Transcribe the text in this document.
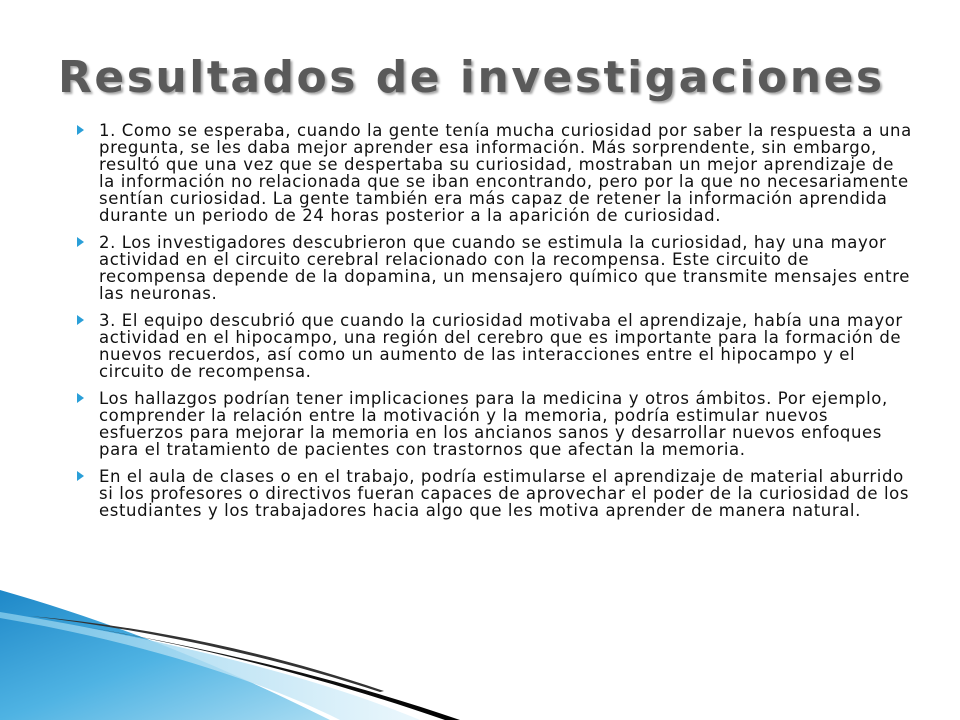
Resultados de investigaciones
1. Como se esperaba, cuando la gente tenía mucha curiosidad por saber la respuesta a una pregunta, se les daba mejor aprender esa información. Más sorprendente, sin embargo, resultó que una vez que se despertaba su curiosidad, mostraban un mejor aprendizaje de la información no relacionada que se iban encontrando, pero por la que no necesariamente sentían curiosidad. La gente también era más capaz de retener la información aprendida durante un periodo de 24 horas posterior a la aparición de curiosidad.
2. Los investigadores descubrieron que cuando se estimula la curiosidad, hay una mayor actividad en el circuito cerebral relacionado con la recompensa. Este circuito de recompensa depende de la dopamina, un mensajero químico que transmite mensajes entre las neuronas.
3. El equipo descubrió que cuando la curiosidad motivaba el aprendizaje, había una mayor actividad en el hipocampo, una región del cerebro que es importante para la formación de nuevos recuerdos, así como un aumento de las interacciones entre el hipocampo y el circuito de recompensa.
Los hallazgos podrían tener implicaciones para la medicina y otros ámbitos. Por ejemplo, comprender la relación entre la motivación y la memoria, podría estimular nuevos esfuerzos para mejorar la memoria en los ancianos sanos y desarrollar nuevos enfoques para el tratamiento de pacientes con trastornos que afectan la memoria.
En el aula de clases o en el trabajo, podría estimularse el aprendizaje de material aburrido si los profesores o directivos fueran capaces de aprovechar el poder de la curiosidad de los estudiantes y los trabajadores hacia algo que les motiva aprender de manera natural.
